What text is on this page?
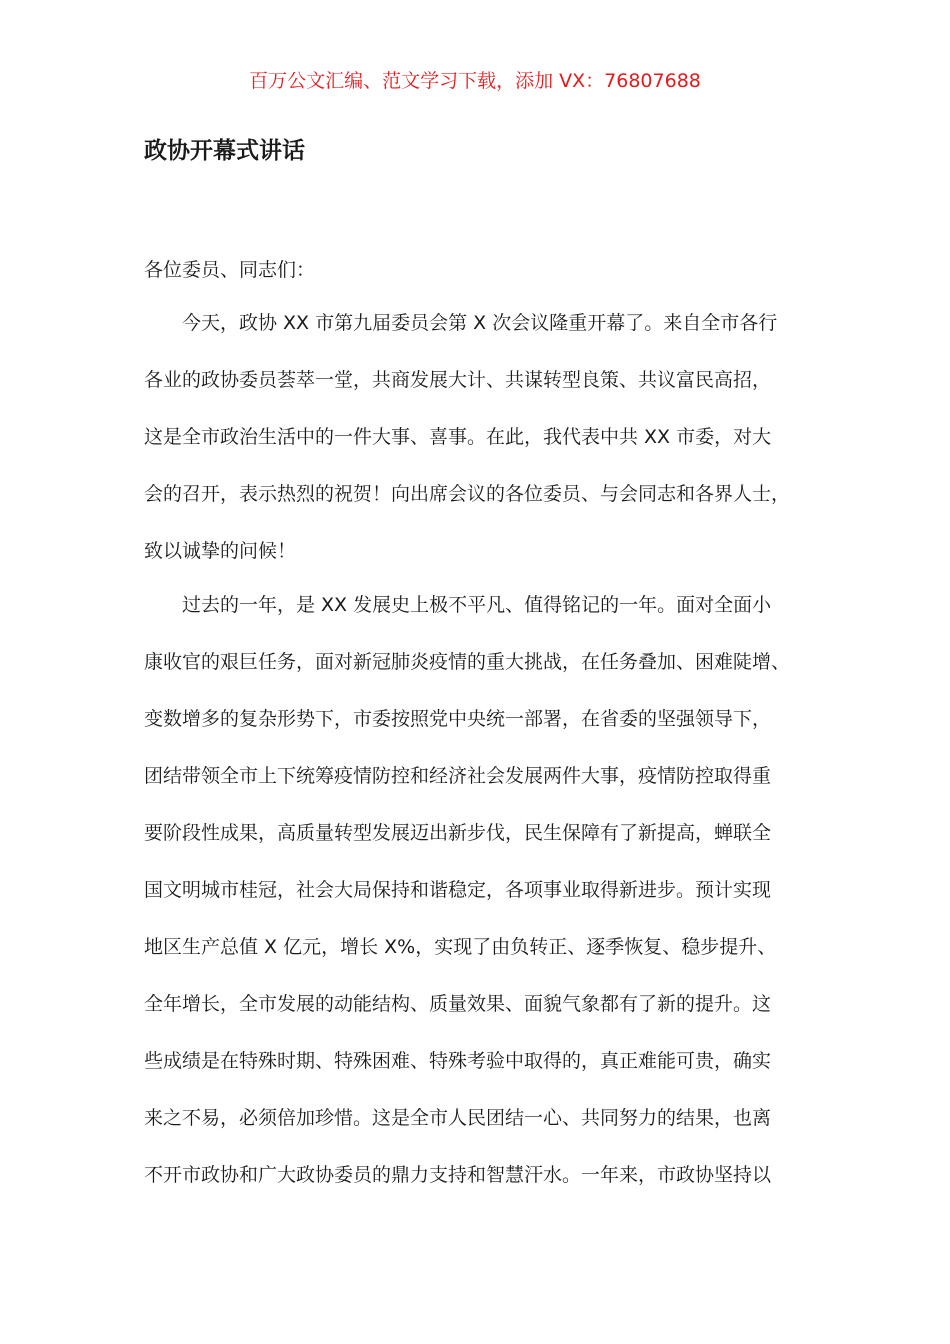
百万公文汇编、范文学习下载，添加 VX：76807688
政协开幕式讲话
各位委员、同志们：
今天，政协 XX 市第九届委员会第 X 次会议隆重开幕了。来自全市各行
各业的政协委员荟萃一堂，共商发展大计、共谋转型良策、共议富民高招，
这是全市政治生活中的一件大事、喜事。在此，我代表中共 XX 市委，对大
会的召开，表示热烈的祝贺！向出席会议的各位委员、与会同志和各界人士，
致以诚挚的问候！
过去的一年，是 XX 发展史上极不平凡、值得铭记的一年。面对全面小
康收官的艰巨任务，面对新冠肺炎疫情的重大挑战，在任务叠加、困难陡增、
变数增多的复杂形势下，市委按照党中央统一部署，在省委的坚强领导下，
团结带领全市上下统筹疫情防控和经济社会发展两件大事，疫情防控取得重
要阶段性成果，高质量转型发展迈出新步伐，民生保障有了新提高，蝉联全
国文明城市桂冠，社会大局保持和谐稳定，各项事业取得新进步。预计实现
地区生产总值 X 亿元，增长 X%，实现了由负转正、逐季恢复、稳步提升、
全年增长，全市发展的动能结构、质量效果、面貌气象都有了新的提升。这
些成绩是在特殊时期、特殊困难、特殊考验中取得的，真正难能可贵，确实
来之不易，必须倍加珍惜。这是全市人民团结一心、共同努力的结果，也离
不开市政协和广大政协委员的鼎力支持和智慧汗水。一年来，市政协坚持以
